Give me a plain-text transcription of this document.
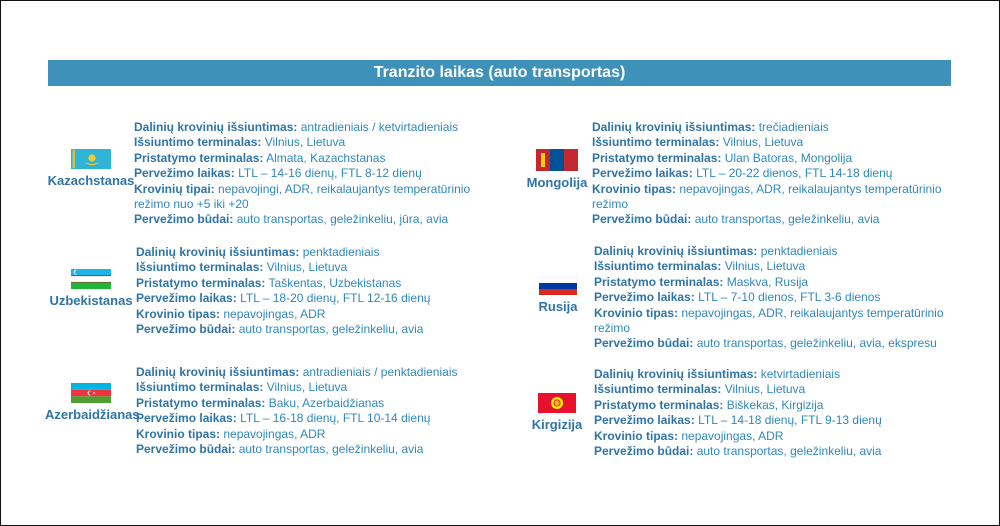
Tranzito laikas (auto transportas)
Kazachstanas
Dalinių krovinių išsiuntimas: antradieniais / ketvirtadieniais
Išsiuntimo terminalas: Vilnius, Lietuva
Pristatymo terminalas: Almata, Kazachstanas
Pervežimo laikas: LTL – 14-16 dienų, FTL 8-12 dienų
Krovinių tipai: nepavojingi, ADR, reikalaujantys temperatūrinio režimo nuo +5 iki +20
Pervežimo būdai: auto transportas, geležinkeliu, jūra, avia
Mongolija
Dalinių krovinių išsiuntimas: trečiadieniais
Išsiuntimo terminalas: Vilnius, Lietuva
Pristatymo terminalas: Ulan Batoras, Mongolija
Pervežimo laikas: LTL – 20-22 dienos, FTL 14-18 dienų
Krovinio tipas: nepavojingas, ADR, reikalaujantys temperatūrinio režimo
Pervežimo būdai: auto transportas, geležinkeliu, avia
Uzbekistanas
Dalinių krovinių išsiuntimas: penktadieniais
Išsiuntimo terminalas: Vilnius, Lietuva
Pristatymo terminalas: Taškentas, Uzbekistanas
Pervežimo laikas: LTL – 18-20 dienų, FTL 12-16 dienų
Krovinio tipas: nepavojingas, ADR
Pervežimo būdai: auto transportas, geležinkeliu, avia
Rusija
Dalinių krovinių išsiuntimas: penktadieniais
Išsiuntimo terminalas: Vilnius, Lietuva
Pristatymo terminalas: Maskva, Rusija
Pervežimo laikas: LTL – 7-10 dienos, FTL 3-6 dienos
Krovinio tipas: nepavojingas, ADR, reikalaujantys temperatūrinio režimo
Pervežimo būdai: auto transportas, geležinkeliu, avia, ekspresu
Azerbaidžianas
Dalinių krovinių išsiuntimas: antradieniais / penktadieniais
Išsiuntimo terminalas: Vilnius, Lietuva
Pristatymo terminalas: Baku, Azerbaidžianas
Pervežimo laikas: LTL – 16-18 dienų, FTL 10-14 dienų
Krovinio tipas: nepavojingas, ADR
Pervežimo būdai: auto transportas, geležinkeliu, avia
Kirgizija
Dalinių krovinių išsiuntimas: ketvirtadieniais
Išsiuntimo terminalas: Vilnius, Lietuva
Pristatymo terminalas: Biškekas, Kirgizija
Pervežimo laikas: LTL – 14-18 dienų, FTL 9-13 dienų
Krovinio tipas: nepavojingas, ADR
Pervežimo būdai: auto transportas, geležinkeliu, avia
